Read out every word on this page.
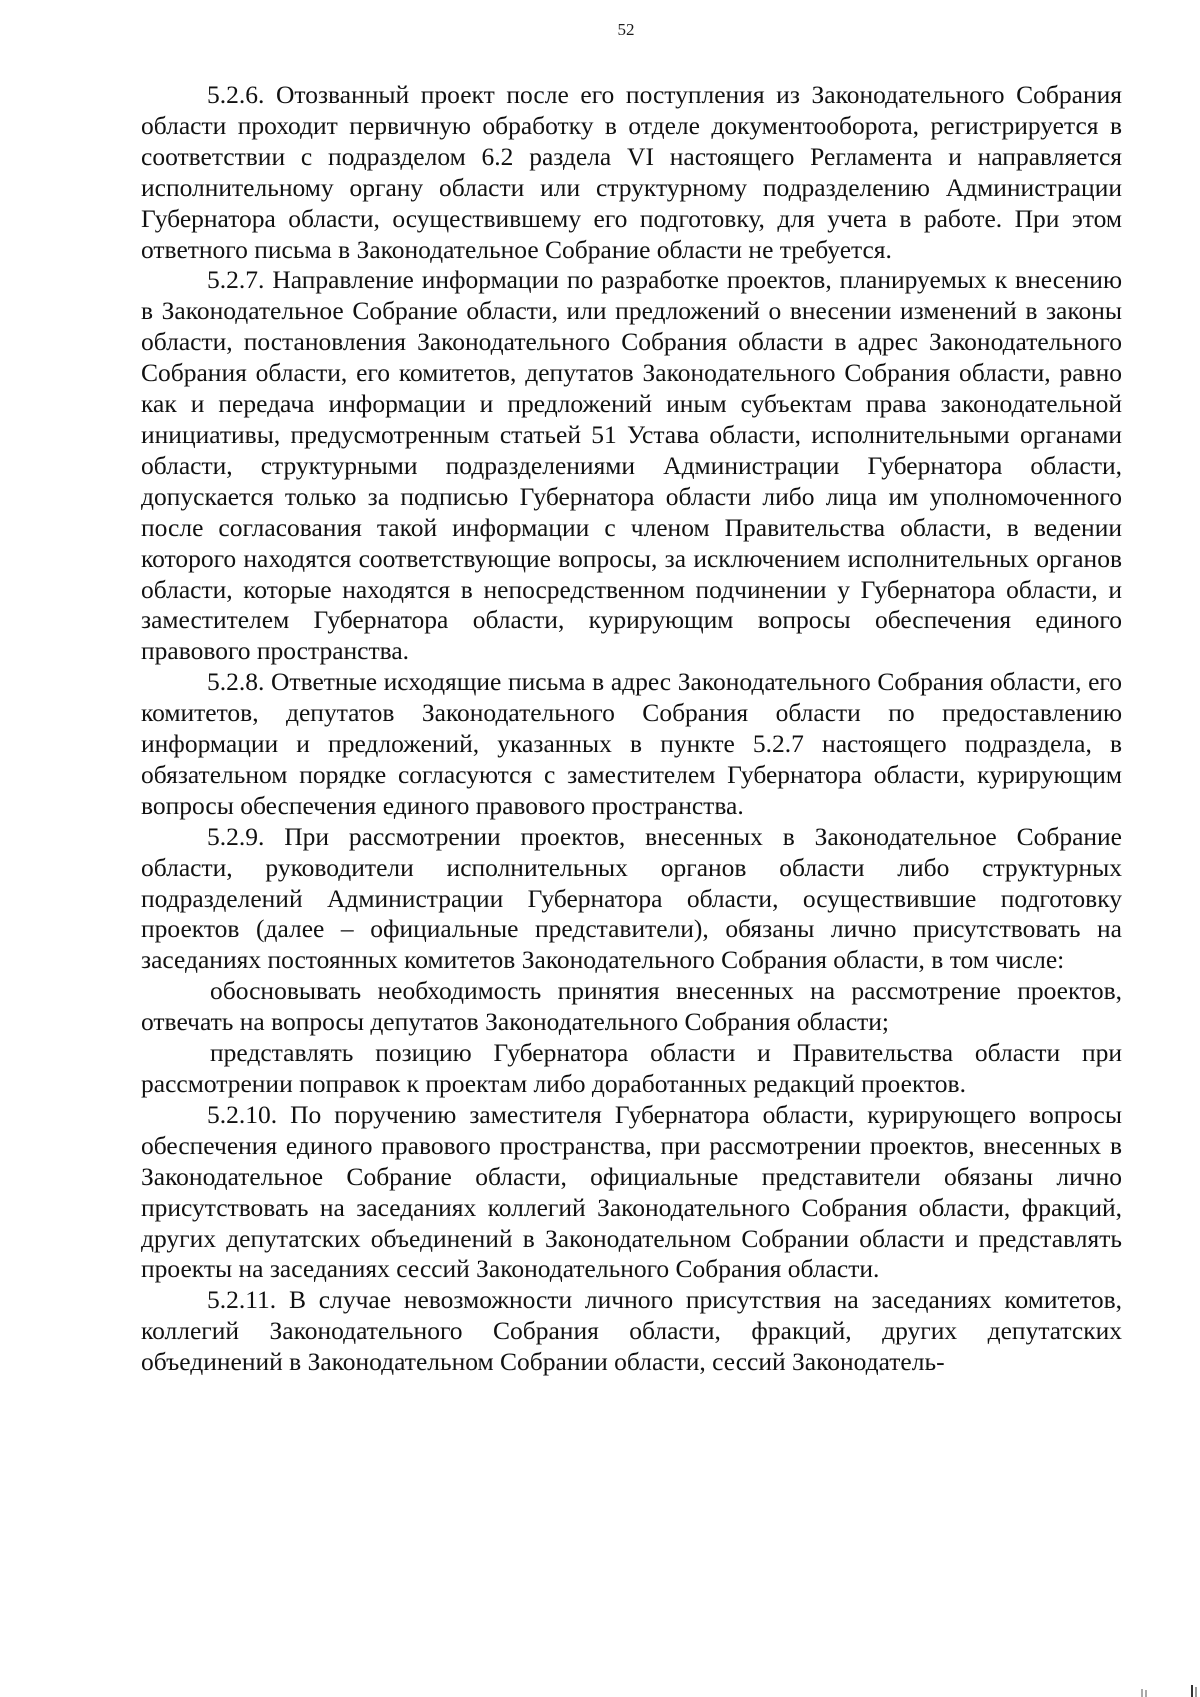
52

5.2.6. Отозванный проект после его поступления из Законодательного Собрания области проходит первичную обработку в отделе документооборота, регистрируется в соответствии с подразделом 6.2 раздела VI настоящего Регламента и направляется исполнительному органу области или структурному подразделению Администрации Губернатора области, осуществившему его подготовку, для учета в работе. При этом ответного письма в Законодательное Собрание области не требуется.

5.2.7. Направление информации по разработке проектов, планируемых к внесению в Законодательное Собрание области, или предложений о внесении изменений в законы области, постановления Законодательного Собрания области в адрес Законодательного Собрания области, его комитетов, депутатов Законодательного Собрания области, равно как и передача информации и предложений иным субъектам права законодательной инициативы, предусмотренным статьей 51 Устава области, исполнительными органами области, структурными подразделениями Администрации Губернатора области, допускается только за подписью Губернатора области либо лица им уполномоченного после согласования такой информации с членом Правительства области, в ведении которого находятся соответствующие вопросы, за исключением исполнительных органов области, которые находятся в непосредственном подчинении у Губернатора области, и заместителем Губернатора области, курирующим вопросы обеспечения единого правового пространства.

5.2.8. Ответные исходящие письма в адрес Законодательного Собрания области, его комитетов, депутатов Законодательного Собрания области по предоставлению информации и предложений, указанных в пункте 5.2.7 настоящего подраздела, в обязательном порядке согласуются с заместителем Губернатора области, курирующим вопросы обеспечения единого правового пространства.

5.2.9. При рассмотрении проектов, внесенных в Законодательное Собрание области, руководители исполнительных органов области либо структурных подразделений Администрации Губернатора области, осуществившие подготовку проектов (далее – официальные представители), обязаны лично присутствовать на заседаниях постоянных комитетов Законодательного Собрания области, в том числе:

обосновывать необходимость принятия внесенных на рассмотрение проектов, отвечать на вопросы депутатов Законодательного Собрания области;

представлять позицию Губернатора области и Правительства области при рассмотрении поправок к проектам либо доработанных редакций проектов.

5.2.10. По поручению заместителя Губернатора области, курирующего вопросы обеспечения единого правового пространства, при рассмотрении проектов, внесенных в Законодательное Собрание области, официальные представители обязаны лично присутствовать на заседаниях коллегий Законодательного Собрания области, фракций, других депутатских объединений в Законодательном Собрании области и представлять проекты на заседаниях сессий Законодательного Собрания области.

5.2.11. В случае невозможности личного присутствия на заседаниях комитетов, коллегий Законодательного Собрания области, фракций, других депутатских объединений в Законодательном Собрании области, сессий Законодатель-
